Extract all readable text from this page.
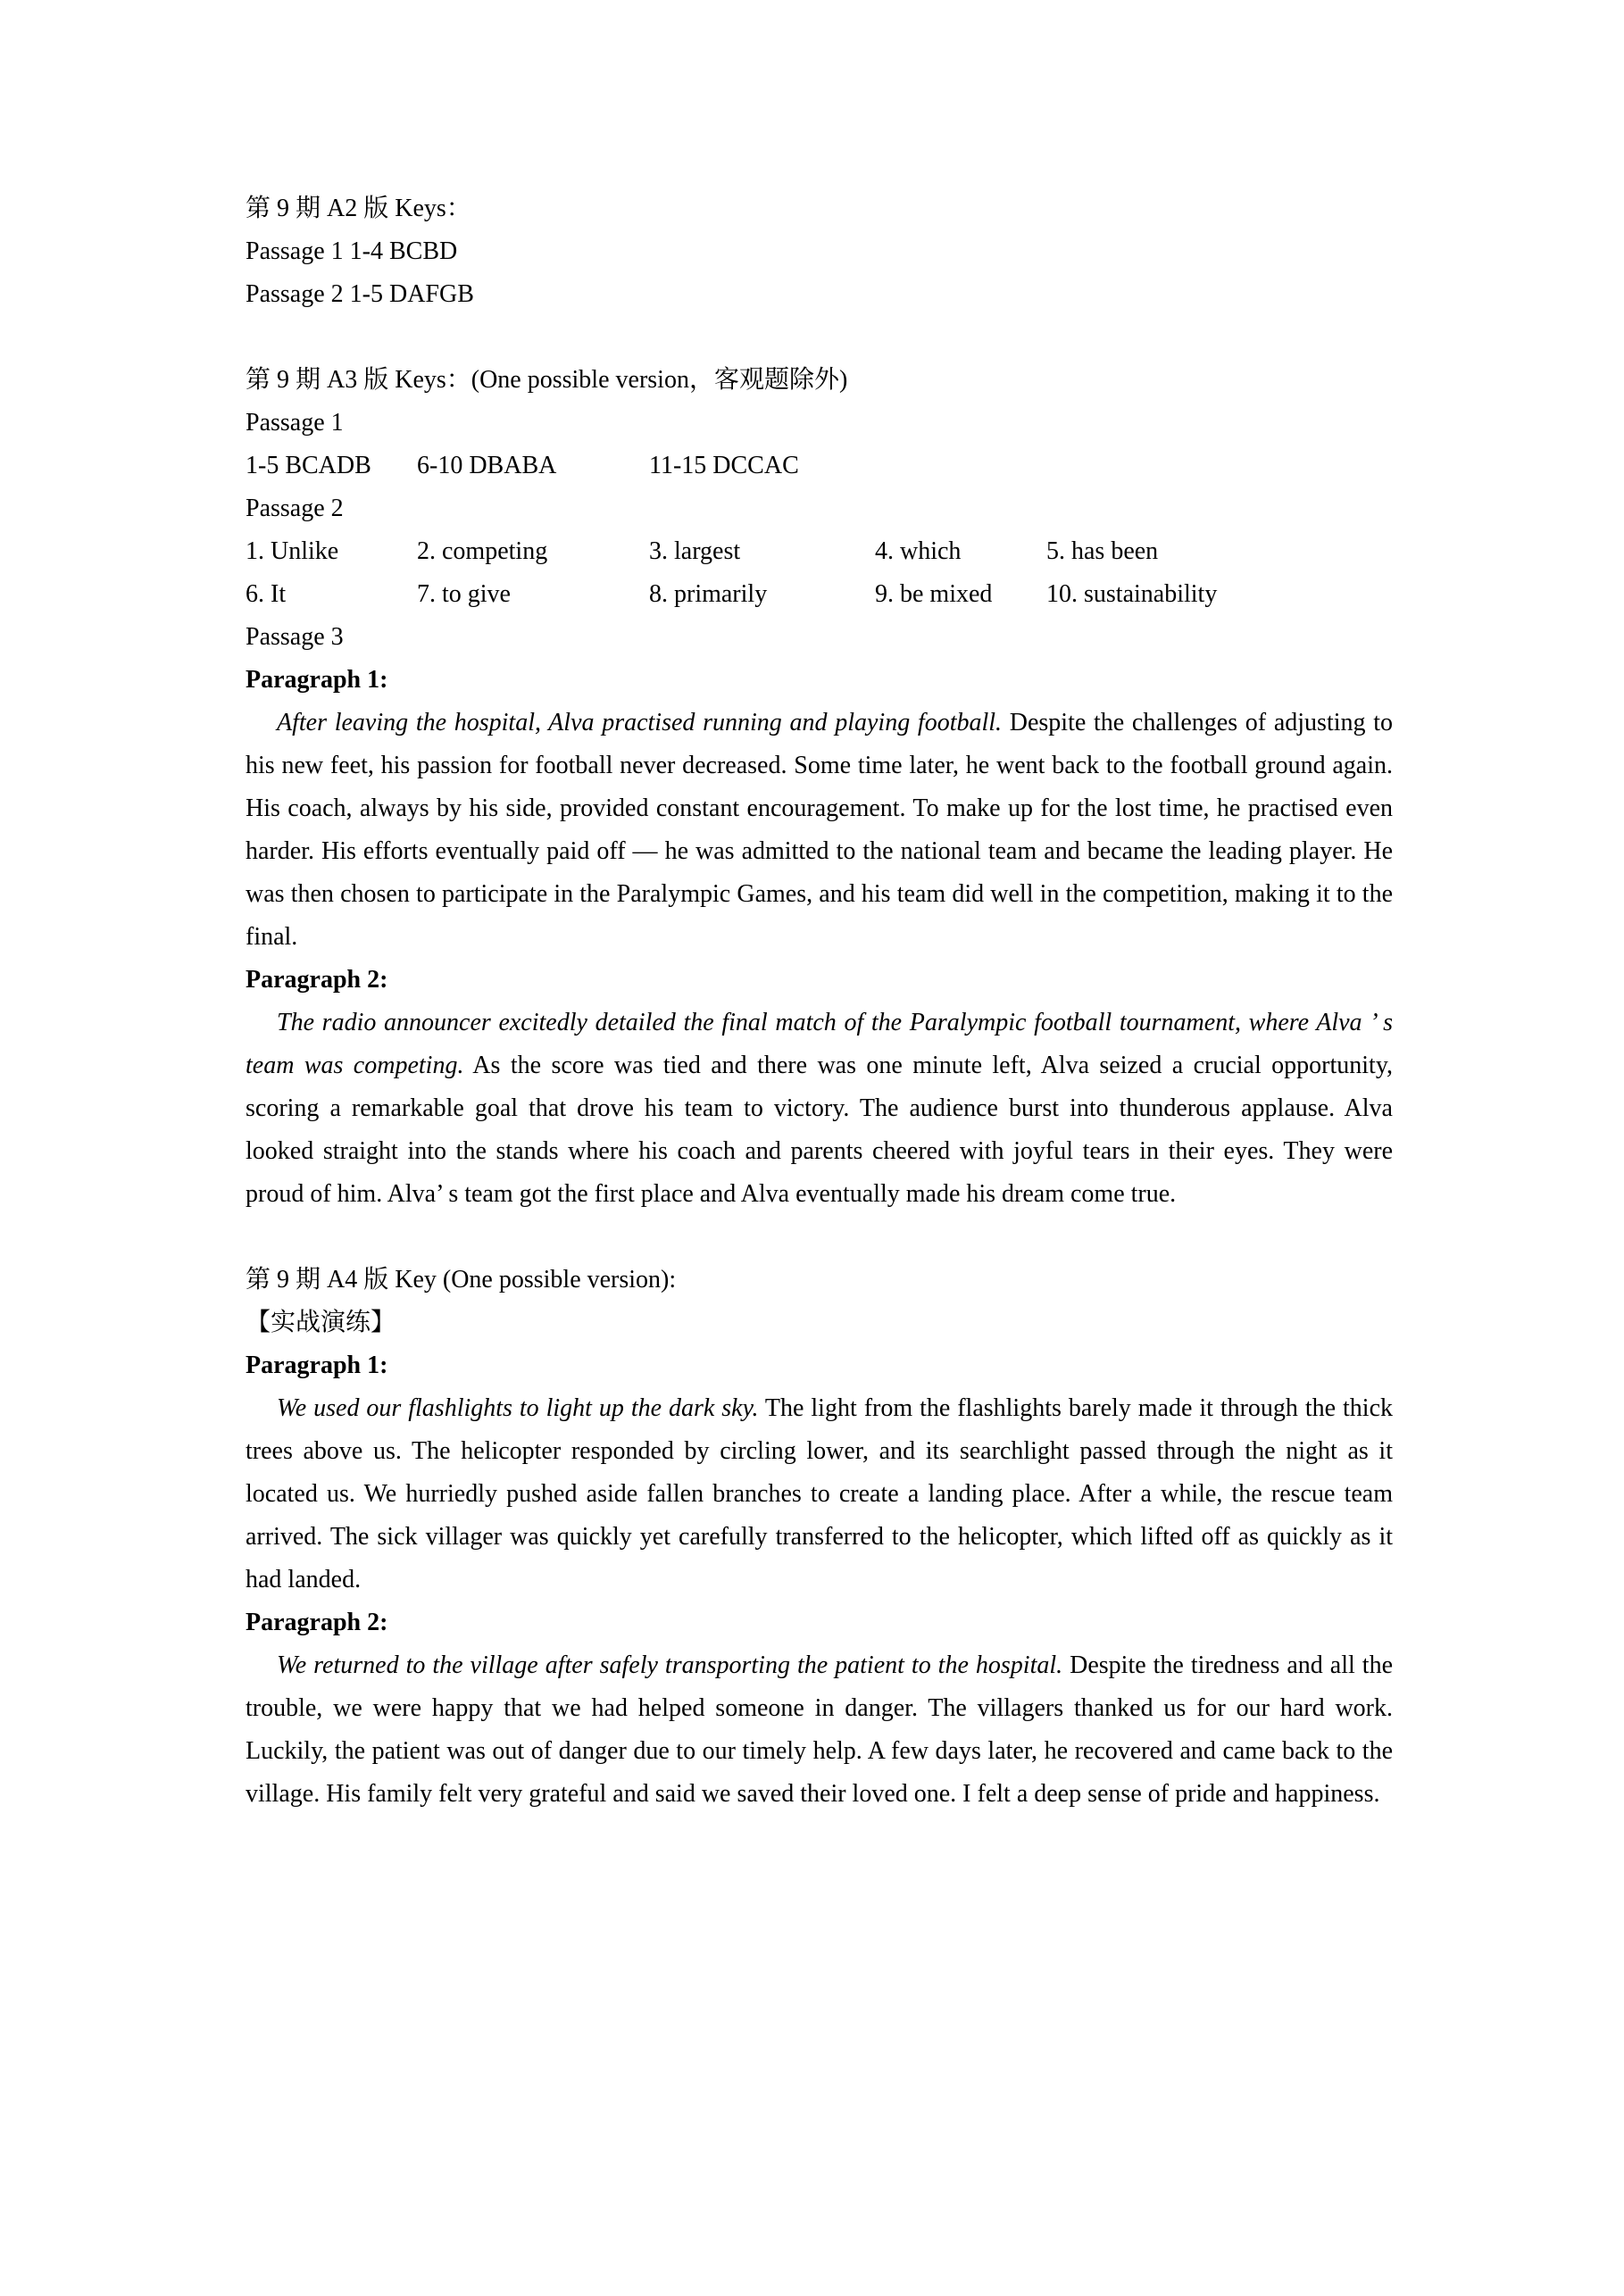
第 9 期 A2 版 Keys：
Passage 1 1-4 BCBD
Passage 2 1-5 DAFGB
第 9 期 A3 版 Keys：(One possible version，客观题除外)
Passage 1
1-5 BCADB 6-10 DBABA	11-15 DCCAC
Passage 2
1. Unlike	2. competing	3. largest	4. which	5. has been
6. It	7. to give	8. primarily	9. be mixed 10. sustainability
Passage 3
Paragraph 1:

After leaving the hospital, Alva practised running and playing football. Despite the challenges of adjusting to his new feet, his passion for football never decreased. Some time later, he went back to the football ground again. His coach, always by his side, provided constant encouragement. To make up for the lost time, he practised even harder. His efforts eventually paid off — he was admitted to the national team and became the leading player. He was then chosen to participate in the Paralympic Games, and his team did well in the competition, making it to the final.

Paragraph 2:

The radio announcer excitedly detailed the final match of the Paralympic football tournament, where Alva ’ s team was competing. As the score was tied and there was one minute left, Alva seized a crucial opportunity, scoring a remarkable goal that drove his team to victory. The audience burst into thunderous applause. Alva looked straight into the stands where his coach and parents cheered with joyful tears in their eyes. They were proud of him. Alva’ s team got the first place and Alva eventually made his dream come true.

第 9 期 A4 版 Key (One possible version):
【实战演练】
Paragraph 1:

We used our flashlights to light up the dark sky. The light from the flashlights barely made it through the thick trees above us. The helicopter responded by circling lower, and its searchlight passed through the night as it located us. We hurriedly pushed aside fallen branches to create a landing place. After a while, the rescue team arrived. The sick villager was quickly yet carefully transferred to the helicopter, which lifted off as quickly as it had landed.

Paragraph 2:

We returned to the village after safely transporting the patient to the hospital. Despite the tiredness and all the trouble, we were happy that we had helped someone in danger. The villagers thanked us for our hard work. Luckily, the patient was out of danger due to our timely help. A few days later, he recovered and came back to the village. His family felt very grateful and said we saved their loved one. I felt a deep sense of pride and happiness.
